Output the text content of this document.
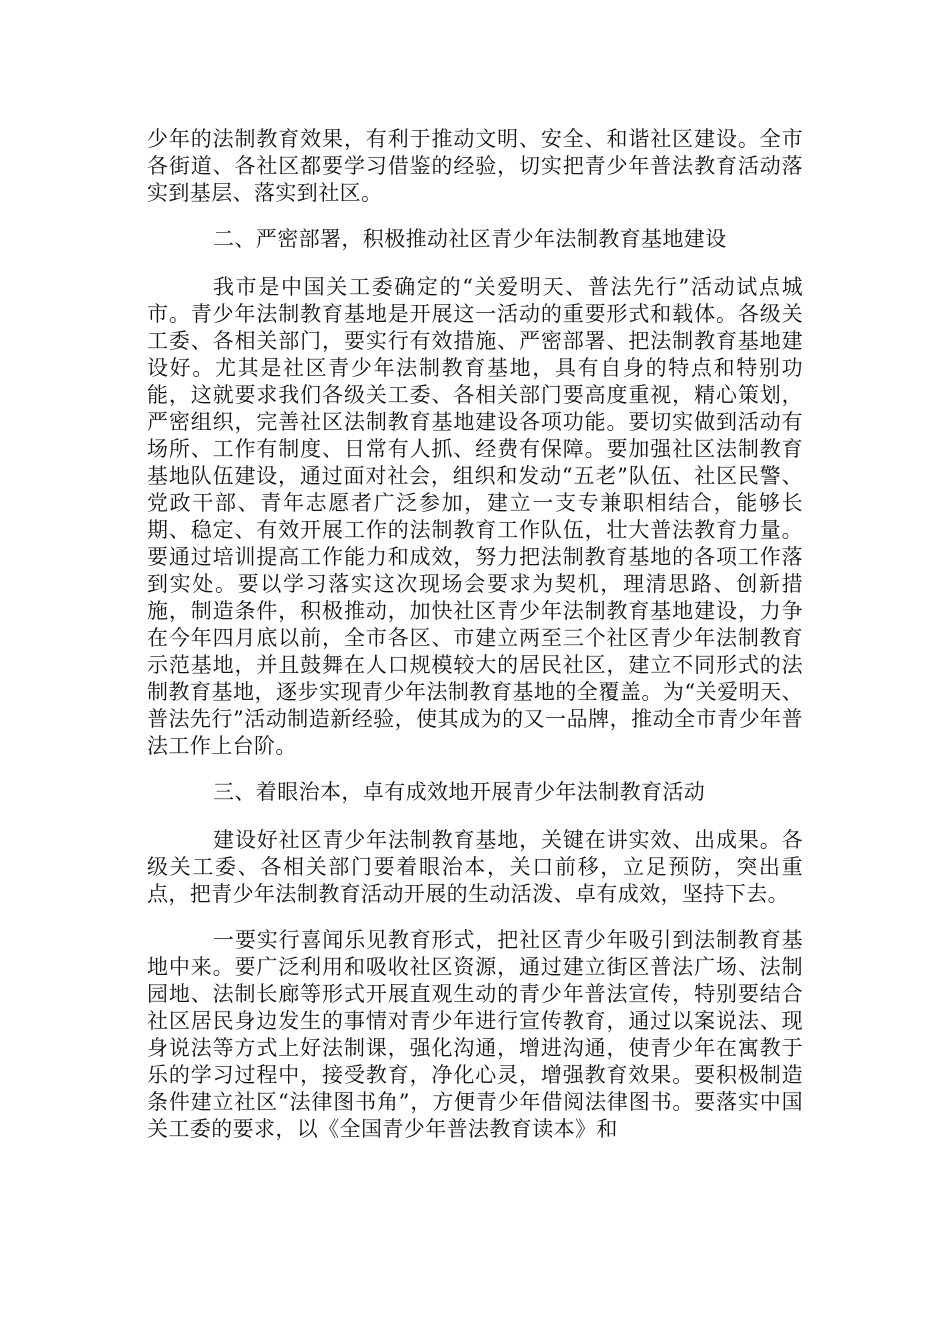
少年的法制教育效果，有利于推动文明、安全、和谐社区建设。全市各街道、各社区都要学习借鉴的经验，切实把青少年普法教育活动落实到基层、落实到社区。

二、严密部署，积极推动社区青少年法制教育基地建设

我市是中国关工委确定的“关爱明天、普法先行”活动试点城市。青少年法制教育基地是开展这一活动的重要形式和载体。各级关工委、各相关部门，要实行有效措施、严密部署、把法制教育基地建设好。尤其是社区青少年法制教育基地，具有自身的特点和特别功能，这就要求我们各级关工委、各相关部门要高度重视，精心策划，严密组织，完善社区法制教育基地建设各项功能。要切实做到活动有场所、工作有制度、日常有人抓、经费有保障。要加强社区法制教育基地队伍建设，通过面对社会，组织和发动“五老”队伍、社区民警、党政干部、青年志愿者广泛参加，建立一支专兼职相结合，能够长期、稳定、有效开展工作的法制教育工作队伍，壮大普法教育力量。要通过培训提高工作能力和成效，努力把法制教育基地的各项工作落到实处。要以学习落实这次现场会要求为契机，理清思路、创新措施，制造条件，积极推动，加快社区青少年法制教育基地建设，力争在今年四月底以前，全市各区、市建立两至三个社区青少年法制教育示范基地，并且鼓舞在人口规模较大的居民社区，建立不同形式的法制教育基地，逐步实现青少年法制教育基地的全覆盖。为“关爱明天、普法先行”活动制造新经验，使其成为的又一品牌，推动全市青少年普法工作上台阶。

三、着眼治本，卓有成效地开展青少年法制教育活动

建设好社区青少年法制教育基地，关键在讲实效、出成果。各级关工委、各相关部门要着眼治本，关口前移，立足预防，突出重点，把青少年法制教育活动开展的生动活泼、卓有成效，坚持下去。

一要实行喜闻乐见教育形式，把社区青少年吸引到法制教育基地中来。要广泛利用和吸收社区资源，通过建立街区普法广场、法制园地、法制长廊等形式开展直观生动的青少年普法宣传，特别要结合社区居民身边发生的事情对青少年进行宣传教育，通过以案说法、现身说法等方式上好法制课，强化沟通，增进沟通，使青少年在寓教于乐的学习过程中，接受教育，净化心灵，增强教育效果。要积极制造条件建立社区“法律图书角”，方便青少年借阅法律图书。要落实中国关工委的要求，以《全国青少年普法教育读本》和
